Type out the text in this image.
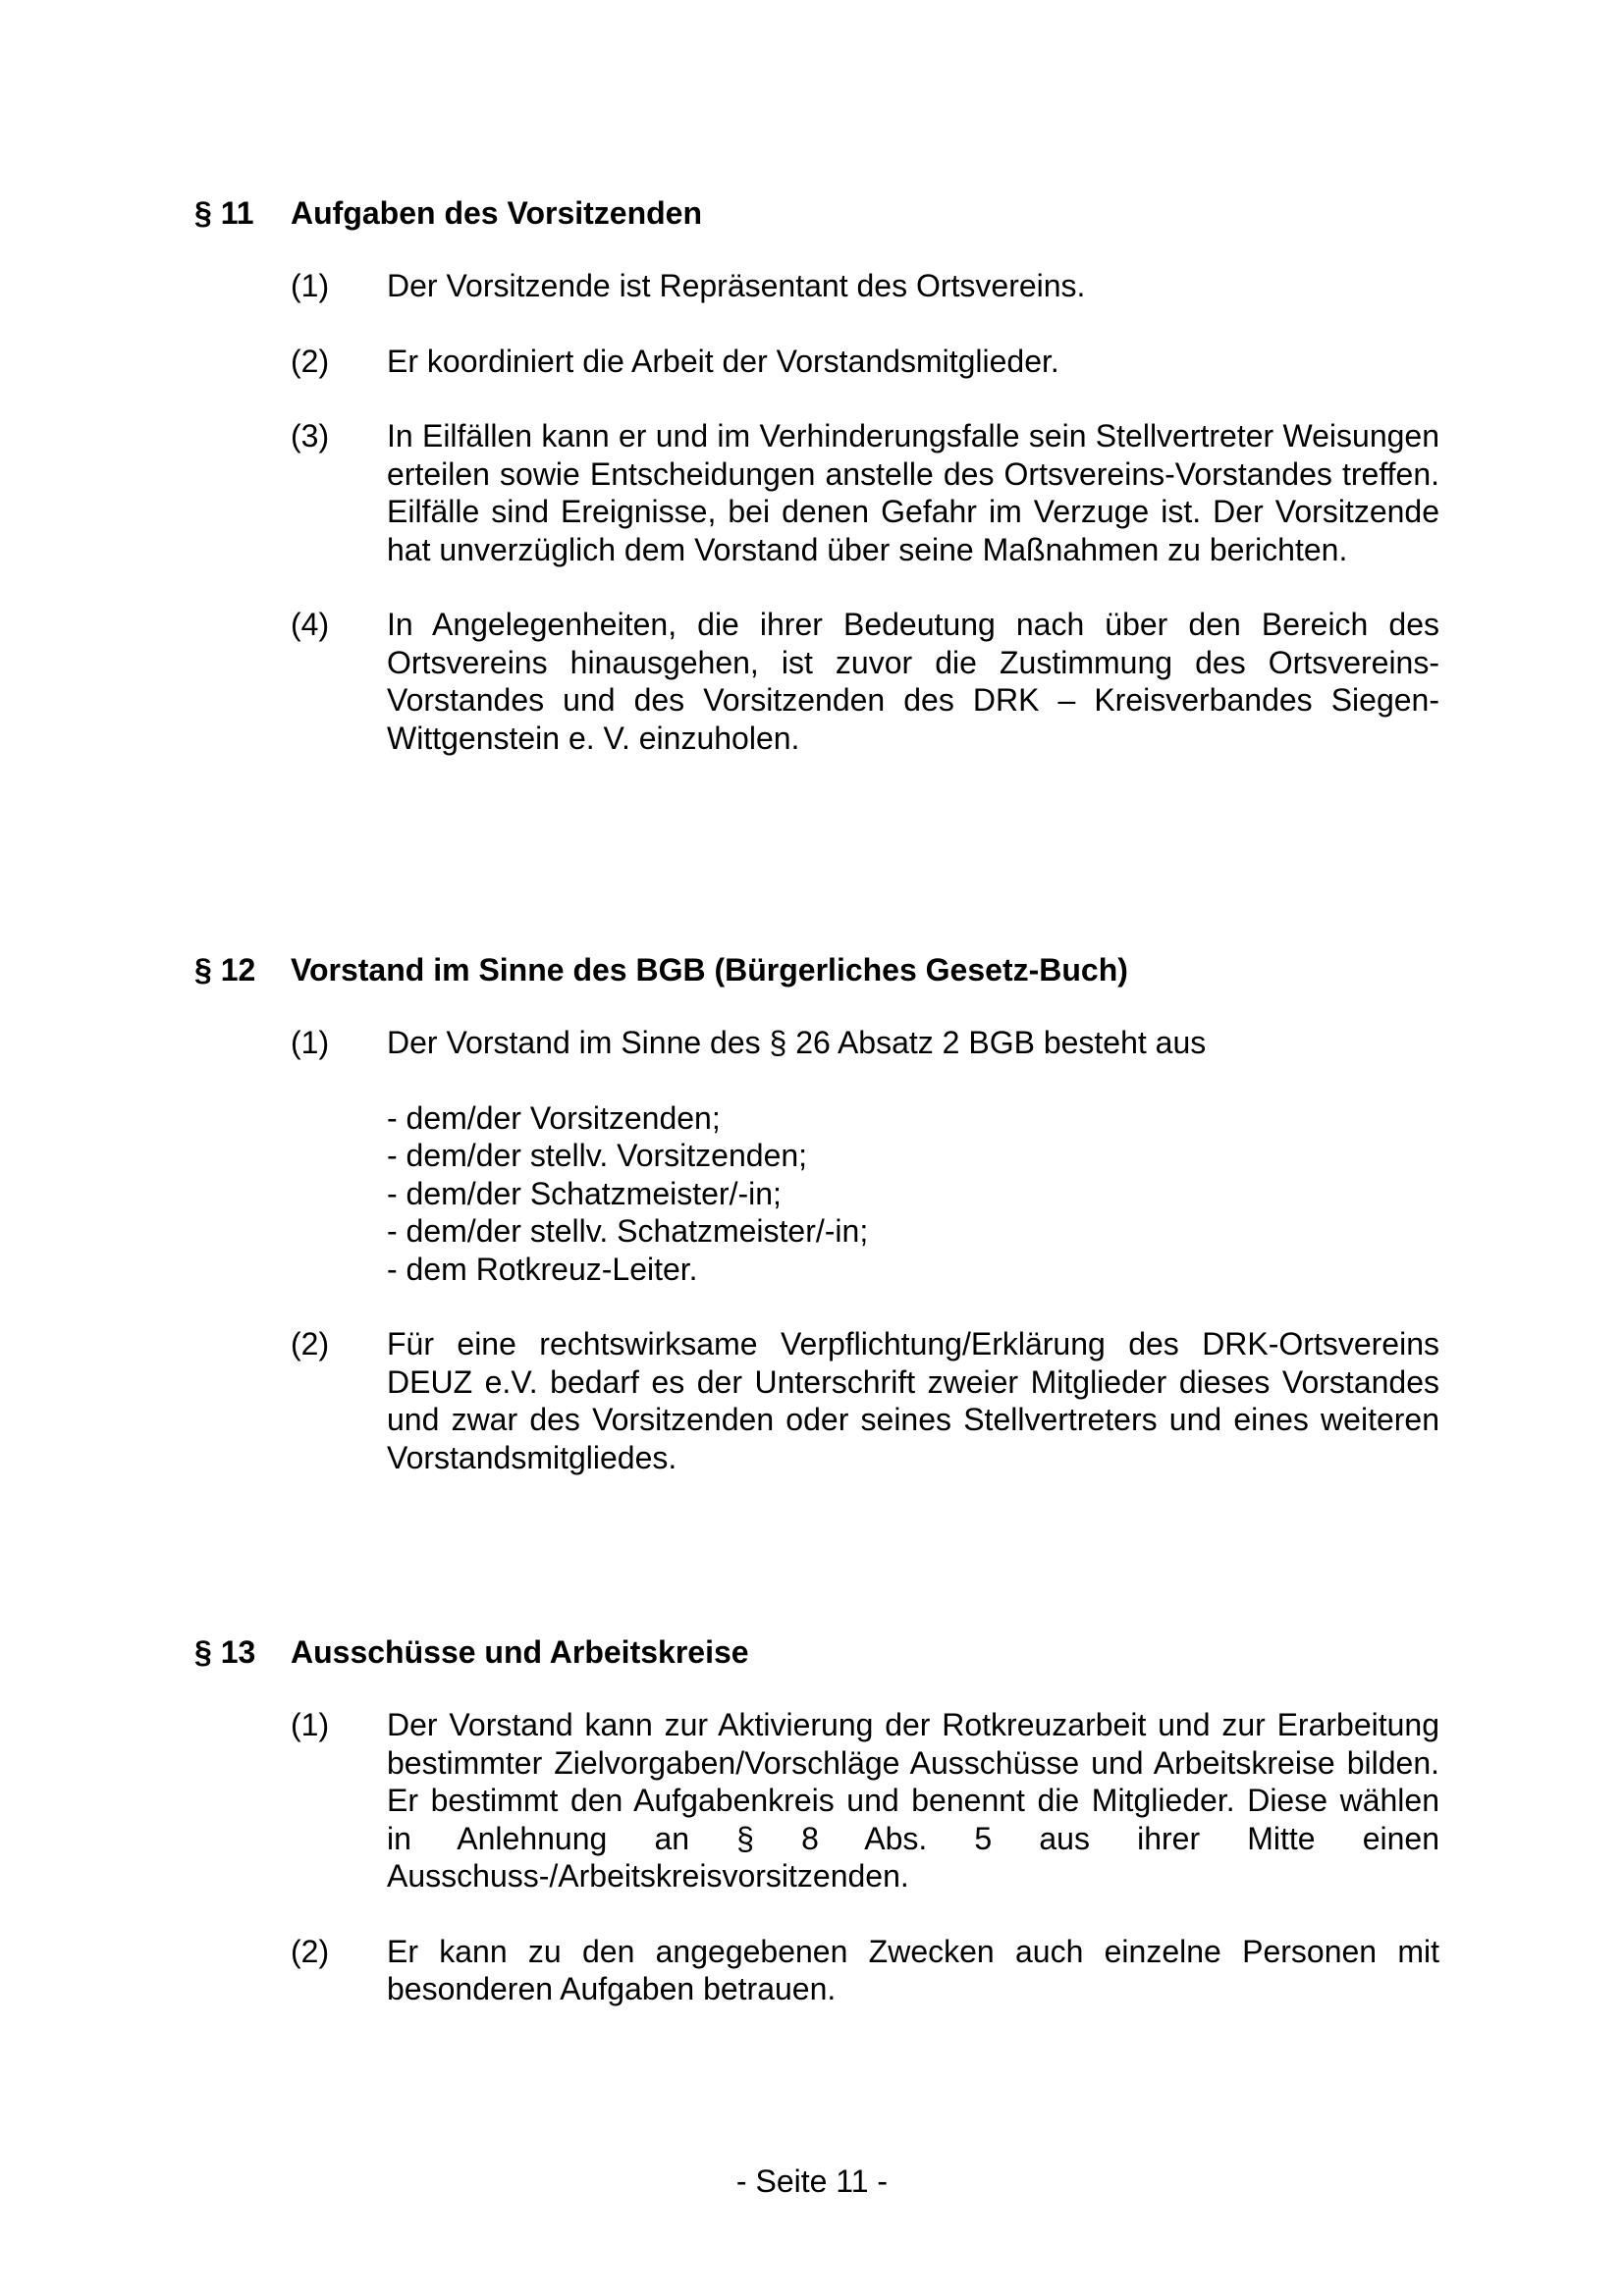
§ 11	Aufgaben des Vorsitzenden
(1)	Der Vorsitzende ist Repräsentant des Ortsvereins.

(2)	Er koordiniert die Arbeit der Vorstandsmitglieder.

(3)	In Eilfällen kann er und im Verhinderungsfalle sein Stellvertreter Weisungen erteilen sowie Entscheidungen anstelle des Ortsvereins-Vorstandes treffen. Eilfälle sind Ereignisse, bei denen Gefahr im Verzuge ist. Der Vorsitzende hat unverzüglich dem Vorstand über seine Maßnahmen zu berichten.

(4)	In Angelegenheiten, die ihrer Bedeutung nach über den Bereich des Ortsvereins hinausgehen, ist zuvor die Zustimmung des Ortsvereins-Vorstandes und des Vorsitzenden des DRK – Kreisverbandes Siegen-Wittgenstein e. V. einzuholen.

§ 12	Vorstand im Sinne des BGB (Bürgerliches Gesetz-Buch)
(1)	Der Vorstand im Sinne des § 26 Absatz 2 BGB besteht aus

- dem/der Vorsitzenden;
- dem/der stellv. Vorsitzenden;
- dem/der Schatzmeister/-in;
- dem/der stellv. Schatzmeister/-in;
- dem Rotkreuz-Leiter.
(2)	Für eine rechtswirksame Verpflichtung/Erklärung des DRK-Ortsvereins DEUZ e.V. bedarf es der Unterschrift zweier Mitglieder dieses Vorstandes und zwar des Vorsitzenden oder seines Stellvertreters und eines weiteren Vorstandsmitgliedes.

§ 13	Ausschüsse und Arbeitskreise
(1)	Der Vorstand kann zur Aktivierung der Rotkreuzarbeit und zur Erarbeitung bestimmter Zielvorgaben/Vorschläge Ausschüsse und Arbeitskreise bilden. Er bestimmt den Aufgabenkreis und benennt die Mitglieder. Diese wählen in Anlehnung an § 8 Abs. 5 aus ihrer Mitte einen Ausschuss-/Arbeitskreisvorsitzenden.

(2)	Er kann zu den angegebenen Zwecken auch einzelne Personen mit besonderen Aufgaben betrauen.

- Seite 11 -
